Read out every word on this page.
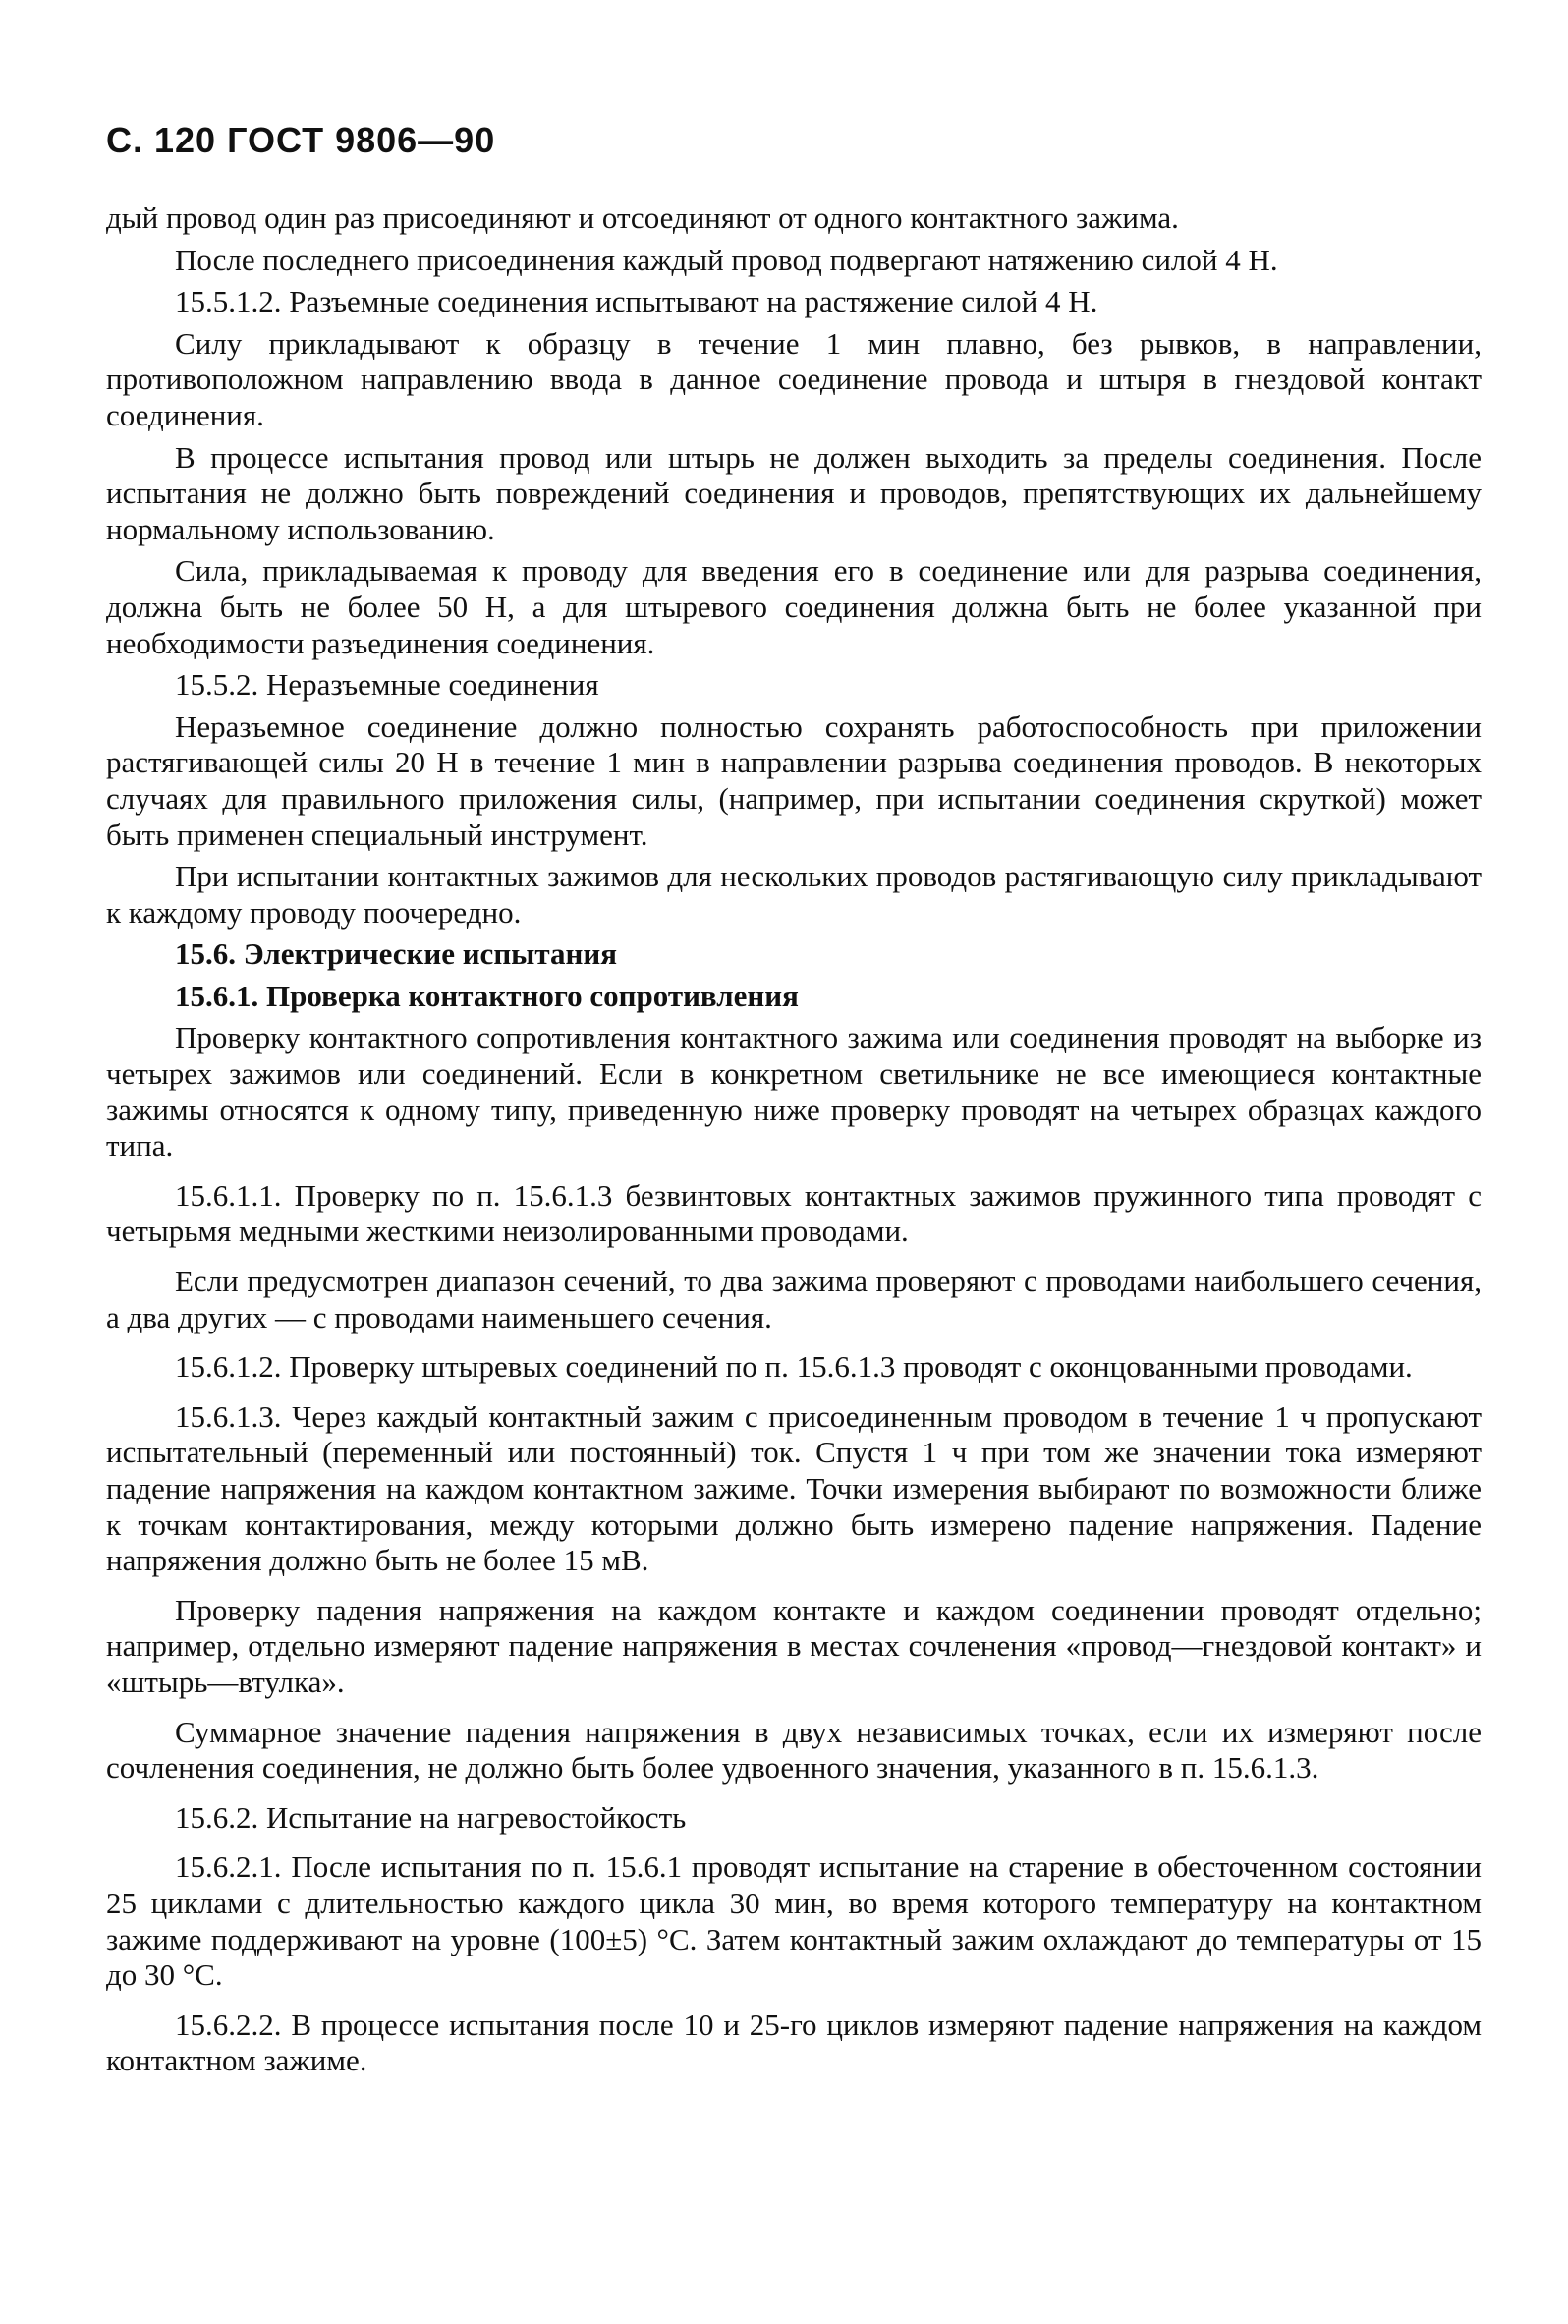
С. 120 ГОСТ 9806—90

дый провод один раз присоединяют и отсоединяют от одного контактного зажима.

После последнего присоединения каждый провод подвергают натяжению силой 4 Н.

15.5.1.2. Разъемные соединения испытывают на растяжение силой 4 Н.

Силу прикладывают к образцу в течение 1 мин плавно, без рывков, в направлении, противоположном направлению ввода в данное соединение провода и штыря в гнездовой контакт соединения.

В процессе испытания провод или штырь не должен выходить за пределы соединения. После испытания не должно быть повреждений соединения и проводов, препятствующих их дальнейшему нормальному использованию.

Сила, прикладываемая к проводу для введения его в соединение или для разрыва соединения, должна быть не более 50 Н, а для штыревого соединения должна быть не более указанной при необходимости разъединения соединения.

15.5.2. Неразъемные соединения

Неразъемное соединение должно полностью сохранять работоспособность при приложении растягивающей силы 20 Н в течение 1 мин в направлении разрыва соединения проводов. В некоторых случаях для правильного приложения силы, (например, при испытании соединения скруткой) может быть применен специальный инструмент.

При испытании контактных зажимов для нескольких проводов растягивающую силу прикладывают к каждому проводу поочередно.

15.6. Электрические испытания

15.6.1. Проверка контактного сопротивления

Проверку контактного сопротивления контактного зажима или соединения проводят на выборке из четырех зажимов или соединений. Если в конкретном светильнике не все имеющиеся контактные зажимы относятся к одному типу, приведенную ниже проверку проводят на четырех образцах каждого типа.

15.6.1.1. Проверку по п. 15.6.1.3 безвинтовых контактных зажимов пружинного типа проводят с четырьмя медными жесткими неизолированными проводами.

Если предусмотрен диапазон сечений, то два зажима проверяют с проводами наибольшего сечения, а два других — с проводами наименьшего сечения.

15.6.1.2. Проверку штыревых соединений по п. 15.6.1.3 проводят с оконцованными проводами.

15.6.1.3. Через каждый контактный зажим с присоединенным проводом в течение 1 ч пропускают испытательный (переменный или постоянный) ток. Спустя 1 ч при том же значении тока измеряют падение напряжения на каждом контактном зажиме. Точки измерения выбирают по возможности ближе к точкам контактирования, между которыми должно быть измерено падение напряжения. Падение напряжения должно быть не более 15 мВ.

Проверку падения напряжения на каждом контакте и каждом соединении проводят отдельно; например, отдельно измеряют падение напряжения в местах сочленения «провод—гнездовой контакт» и «штырь—втулка».

Суммарное значение падения напряжения в двух независимых точках, если их измеряют после сочленения соединения, не должно быть более удвоенного значения, указанного в п. 15.6.1.3.

15.6.2. Испытание на нагревостойкость

15.6.2.1. После испытания по п. 15.6.1 проводят испытание на старение в обесточенном состоянии 25 циклами с длительностью каждого цикла 30 мин, во время которого температуру на контактном зажиме поддерживают на уровне (100±5) °С. Затем контактный зажим охлаждают до температуры от 15 до 30 °С.

15.6.2.2. В процессе испытания после 10 и 25-го циклов измеряют падение напряжения на каждом контактном зажиме.
